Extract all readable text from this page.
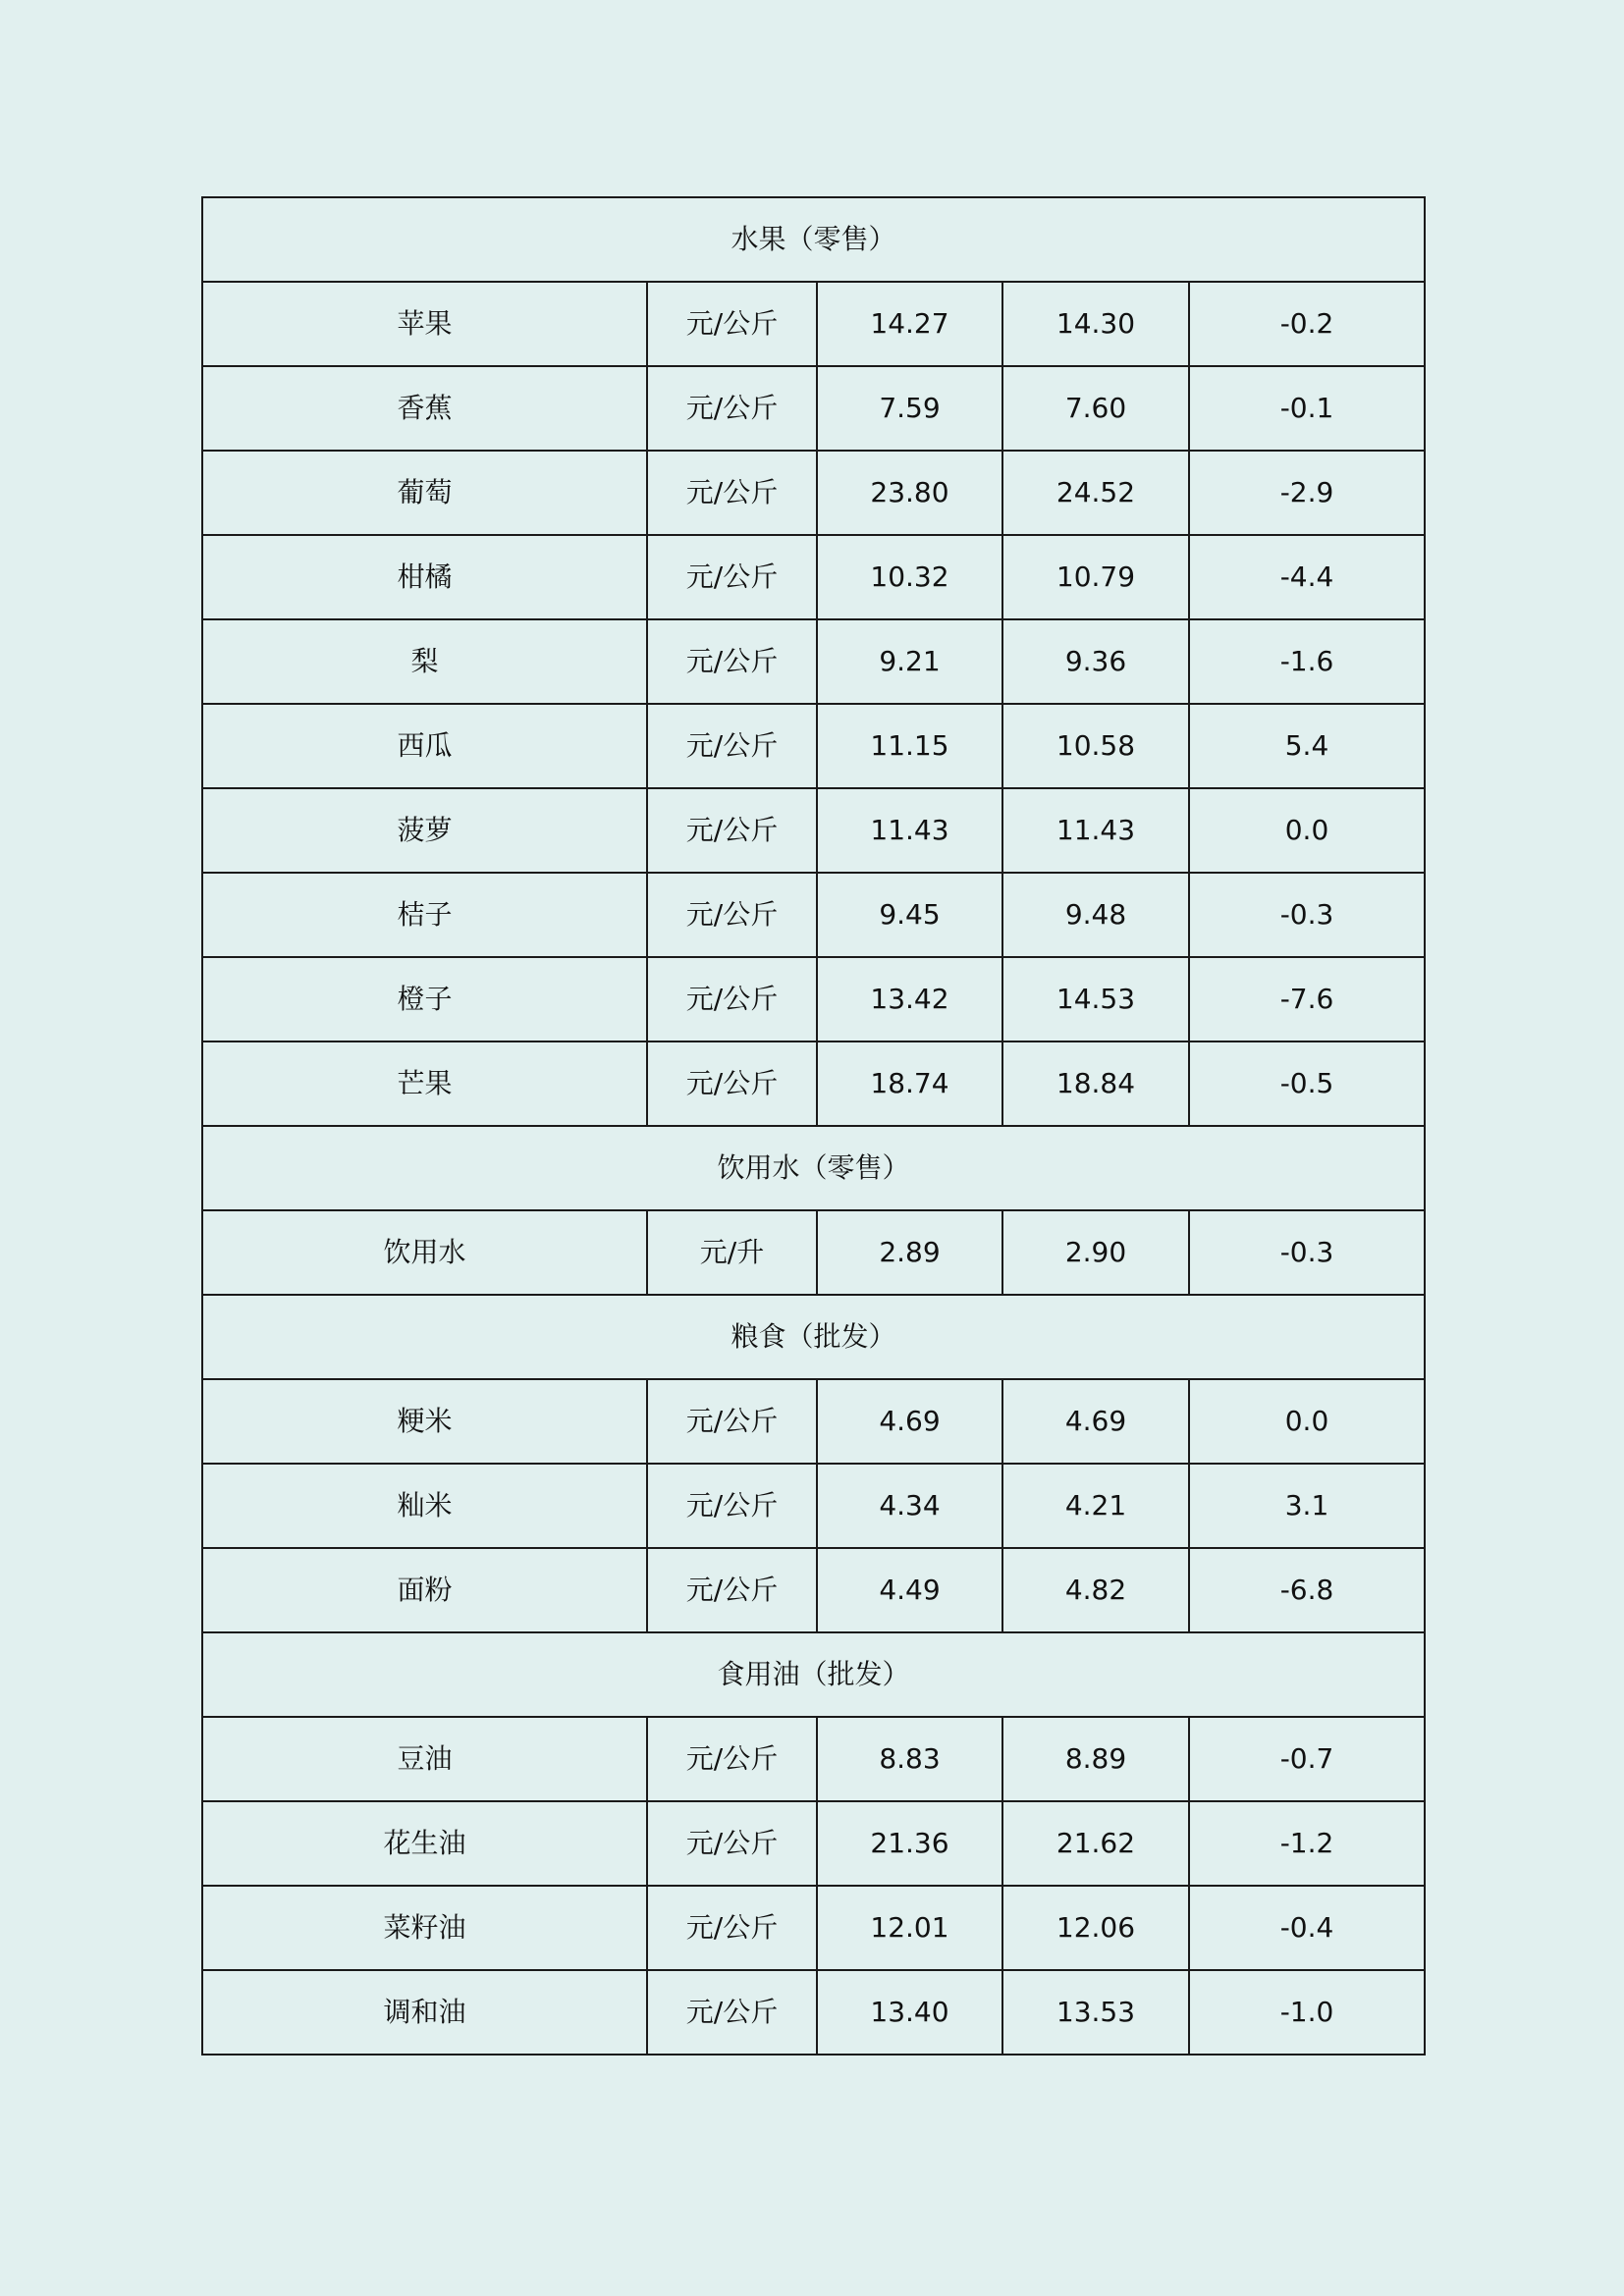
水果（零售）				
苹果	元/公斤	14.27	14.30	-0.2
香蕉	元/公斤	7.59	7.60	-0.1
葡萄	元/公斤	23.80	24.52	-2.9
柑橘	元/公斤	10.32	10.79	-4.4
梨	元/公斤	9.21	9.36	-1.6
西瓜	元/公斤	11.15	10.58	5.4
菠萝	元/公斤	11.43	11.43	0.0
桔子	元/公斤	9.45	9.48	-0.3
橙子	元/公斤	13.42	14.53	-7.6
芒果	元/公斤	18.74	18.84	-0.5
饮用水（零售）				
饮用水	元/升	2.89	2.90	-0.3
粮食（批发）				
粳米	元/公斤	4.69	4.69	0.0
籼米	元/公斤	4.34	4.21	3.1
面粉	元/公斤	4.49	4.82	-6.8
食用油（批发）				
豆油	元/公斤	8.83	8.89	-0.7
花生油	元/公斤	21.36	21.62	-1.2
菜籽油	元/公斤	12.01	12.06	-0.4
调和油	元/公斤	13.40	13.53	-1.0
